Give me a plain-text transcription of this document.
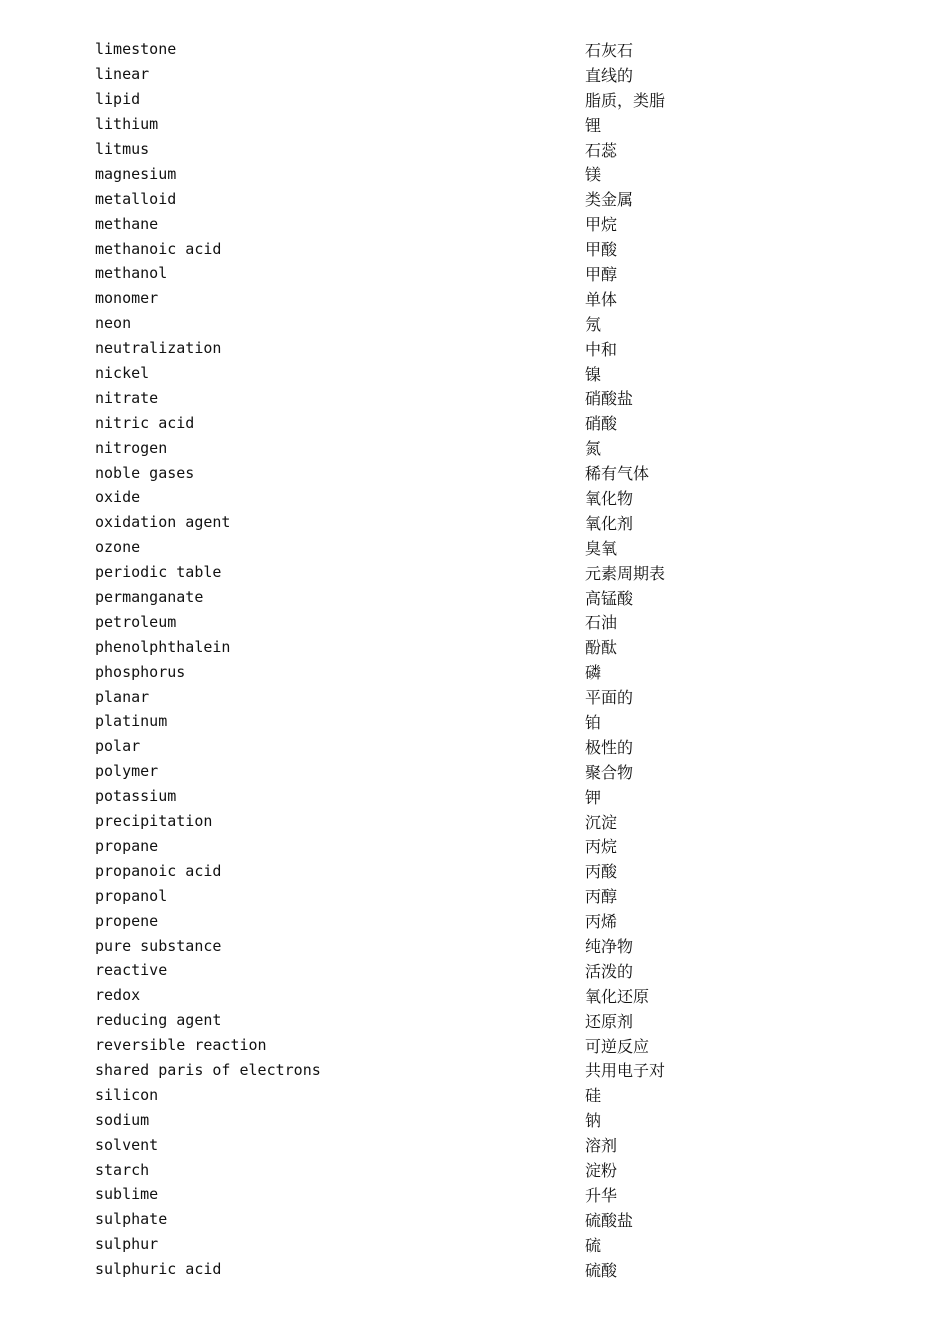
limestone	石灰石
linear	直线的
lipid	脂质，类脂
lithium	锂
litmus	石蕊
magnesium	镁
metalloid	类金属
methane	甲烷
methanoic acid	甲酸
methanol	甲醇
monomer	单体
neon	氖
neutralization	中和
nickel	镍
nitrate	硝酸盐
nitric acid	硝酸
nitrogen	氮
noble gases	稀有气体
oxide	氧化物
oxidation agent	氧化剂
ozone	臭氧
periodic table	元素周期表
permanganate	高锰酸
petroleum	石油
phenolphthalein	酚酞
phosphorus	磷
planar	平面的
platinum	铂
polar	极性的
polymer	聚合物
potassium	钾
precipitation	沉淀
propane	丙烷
propanoic acid	丙酸
propanol	丙醇
propene	丙烯
pure substance	纯净物
reactive	活泼的
redox	氧化还原
reducing agent	还原剂
reversible reaction	可逆反应
shared paris of electrons	共用电子对
silicon	硅
sodium	钠
solvent	溶剂
starch	淀粉
sublime	升华
sulphate	硫酸盐
sulphur	硫
sulphuric acid	硫酸
